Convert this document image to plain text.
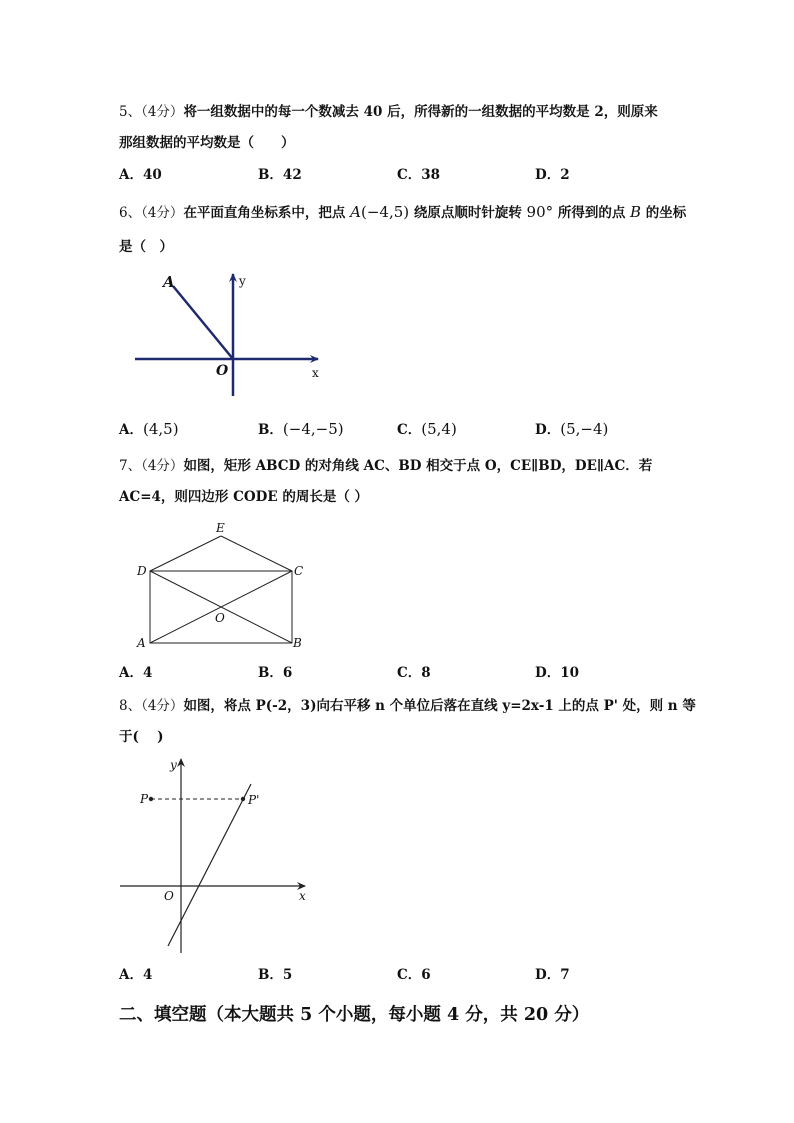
5、（4分）将一组数据中的每一个数减去 40 后，所得新的一组数据的平均数是 2，则原来
那组数据的平均数是（　　）
A．40	B．42	C．38	D．2
6、（4分）在平面直角坐标系中，把点 A(−4,5) 绕原点顺时针旋转 90° 所得到的点 B 的坐标
是（　）
A
O	x
y
A．(4,5)	B．(−4,−5)	C．(5,4)	D．(5,−4)
7、（4分）如图，矩形 ABCD 的对角线 AC、BD 相交于点 O，CE∥BD，DE∥AC．若
AC=4，则四边形 CODE 的周长是（ ）
E
D	C
O
A	B
A．4	B．6	C．8	D．10
8、（4分）如图，将点 P(-2，3)向右平移 n 个单位后落在直线 y=2x-1 上的点 P' 处，则 n 等
于(　 )
P	P'
O	x
y
A．4	B．5	C．6	D．7
二、填空题（本大题共 5 个小题，每小题 4 分，共 20 分）
